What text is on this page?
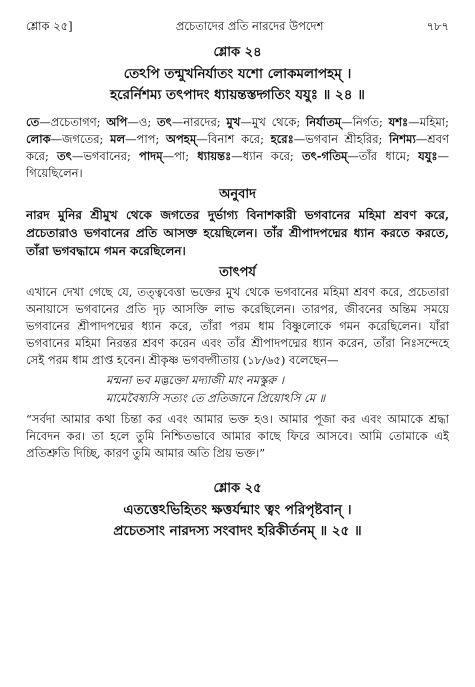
শ্লোক ২৫]	প্রচেতাদের প্রতি নারদের উপদেশ	৭৮৭
শ্লোক ২৪
তেঽপি তন্মুখনির্যাতং যশো লোকমলাপহম্ ।
হরের্নিশম্য তৎপাদং ধ্যায়ন্তস্তদ্গতিং যযুঃ ॥ ২৪ ॥
তে—প্রচেতাগণ; অপি—ও; তৎ—নারদের; মুখ—মুখ থেকে; নির্যাতম্—নির্গত; যশঃ—মহিমা; লোক—জগতের; মল—পাপ; অপহম্—বিনাশ করে; হরেঃ—ভগবান শ্রীহরির; নিশম্য—শ্রবণ করে; তৎ—ভগবানের; পাদম্—পা; ধ্যায়ন্তঃ—ধ্যান করে; তৎ-গতিম্—তাঁর ধামে; যযুঃ—গিয়েছিলেন।
অনুবাদ
নারদ মুনির শ্রীমুখ থেকে জগতের দুর্ভাগ্য বিনাশকারী ভগবানের মহিমা শ্রবণ করে, প্রচেতারাও ভগবানের প্রতি আসক্ত হয়েছিলেন। তাঁর শ্রীপাদপদ্মের ধ্যান করতে করতে, তাঁরা ভগবদ্ধামে গমন করেছিলেন।
তাৎপর্য
এখানে দেখা গেছে যে, তত্ত্ববেত্তা ভক্তের মুখ থেকে ভগবানের মহিমা শ্রবণ করে, প্রচেতারা অনায়াসে ভগবানের প্রতি দৃঢ় আসক্তি লাভ করেছিলেন। তারপর, জীবনের অন্তিম সময়ে ভগবানের শ্রীপাদপদ্মের ধ্যান করে, তাঁরা পরম ধাম বিষ্ণুলোকে গমন করেছিলেন। যাঁরা ভগবানের মহিমা নিরন্তর শ্রবণ করেন এবং তাঁর শ্রীপাদপদ্মের ধ্যান করেন, তাঁরা নিঃসন্দেহে সেই পরম ধাম প্রাপ্ত হবেন। শ্রীকৃষ্ণ ভগবদ্গীতায় (১৮/৬৫) বলেছেন—
মন্মনা ভব মদ্ভক্তো মদ্যাজী মাং নমস্কুরু ।
মামেবৈষ্যসি সত্যং তে প্রতিজানে প্রিয়োঽসি মে ॥
“সর্বদা আমার কথা চিন্তা কর এবং আমার ভক্ত হও। আমার পূজা কর এবং আমাকে শ্রদ্ধা নিবেদন কর। তা হলে তুমি নিশ্চিতভাবে আমার কাছে ফিরে আসবে। আমি তোমাকে এই প্রতিশ্রুতি দিচ্ছি, কারণ তুমি আমার অতি প্রিয় ভক্ত।”
শ্লোক ২৫
এতত্তেঽভিহিতং ক্ষত্তর্যন্মাং ত্বং পরিপৃষ্টবান্ ।
প্রচেতসাং নারদস্য সংবাদং হরিকীর্তনম্ ॥ ২৫ ॥
